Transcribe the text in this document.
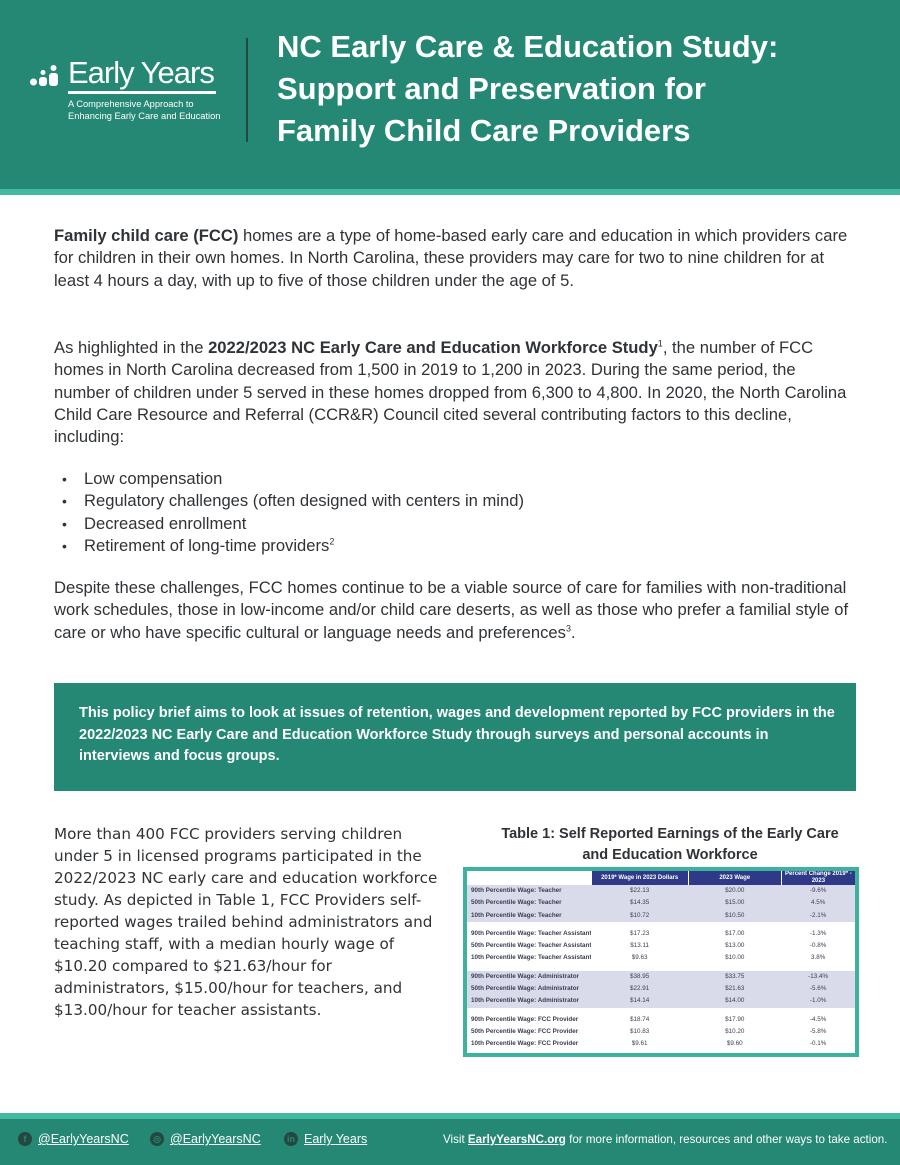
Early Years
A Comprehensive Approach to
Enhancing Early Care and Education
NC Early Care & Education Study:
Support and Preservation for
Family Child Care Providers

Family child care (FCC) homes are a type of home-based early care and education in which providers care for children in their own homes. In North Carolina, these providers may care for two to nine children for at least 4 hours a day, with up to five of those children under the age of 5.

As highlighted in the 2022/2023 NC Early Care and Education Workforce Study$^1$, the number of FCC homes in North Carolina decreased from 1,500 in 2019 to 1,200 in 2023. During the same period, the number of children under 5 served in these homes dropped from 6,300 to 4,800. In 2020, the North Carolina Child Care Resource and Referral (CCR&R) Council cited several contributing factors to this decline, including:

• Low compensation
• Regulatory challenges (often designed with centers in mind)
• Decreased enrollment
• Retirement of long-time providers$^2$

Despite these challenges, FCC homes continue to be a viable source of care for families with non-traditional work schedules, those in low-income and/or child care deserts, as well as those who prefer a familial style of care or who have specific cultural or language needs and preferences$^3$.

This policy brief aims to look at issues of retention, wages and development reported by FCC providers in the 2022/2023 NC Early Care and Education Workforce Study through surveys and personal accounts in interviews and focus groups.

More than 400 FCC providers serving children under 5 in licensed programs participated in the 2022/2023 NC early care and education workforce study. As depicted in Table 1, FCC Providers self-reported wages trailed behind administrators and teaching staff, with a median hourly wage of $10.20 compared to $21.63/hour for administrators, $15.00/hour for teachers, and $13.00/hour for teacher assistants.

Table 1: Self Reported Earnings of the Early Care
and Education Workforce
	2019* Wage in 2023 Dollars	2023 Wage	Percent Change 2019* - 2023
90th Percentile Wage: Teacher	$22.13	$20.00	-9.6%
50th Percentile Wage: Teacher	$14.35	$15.00	4.5%
10th Percentile Wage: Teacher	$10.72	$10.50	-2.1%

90th Percentile Wage: Teacher Assistant	$17.23	$17.00	-1.3%
50th Percentile Wage: Teacher Assistant	$13.11	$13.00	-0.8%
10th Percentile Wage: Teacher Assistant	$9.63	$10.00	3.8%

90th Percentile Wage: Administrator	$38.95	$33.75	-13.4%
50th Percentile Wage: Administrator	$22.91	$21.63	-5.6%
10th Percentile Wage: Administrator	$14.14	$14.00	-1.0%

90th Percentile Wage: FCC Provider	$18.74	$17.90	-4.5%
50th Percentile Wage: FCC Provider	$10.83	$10.20	-5.8%
10th Percentile Wage: FCC Provider	$9.61	$9.60	-0.1%
f @EarlyYearsNC	◎ @EarlyYearsNC	in Early Years	Visit EarlyYearsNC.org for more information, resources and other ways to take action.
